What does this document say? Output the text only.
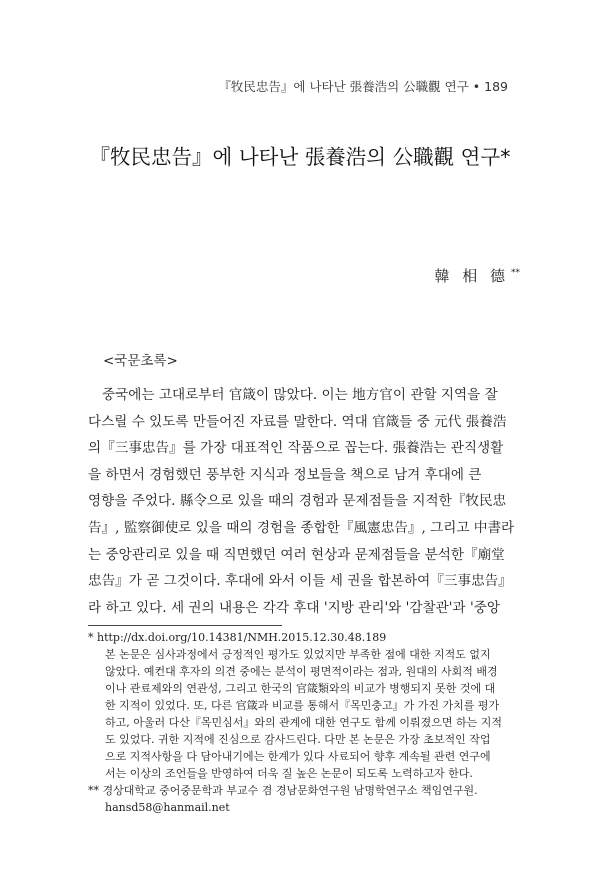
『牧民忠告』에 나타난 張養浩의 公職觀 연구 • 189
『牧民忠告』에 나타난 張養浩의 公職觀 연구*
韓 相 德 **
<국문초록>
중국에는 고대로부터 官箴이 많았다. 이는 地方官이 관할 지역을 잘
다스릴 수 있도록 만들어진 자료를 말한다. 역대 官箴들 중 元代 張養浩
의『三事忠告』를 가장 대표적인 작품으로 꼽는다. 張養浩는 관직생활
을 하면서 경험했던 풍부한 지식과 정보들을 책으로 남겨 후대에 큰
영향을 주었다. 縣令으로 있을 때의 경험과 문제점들을 지적한『牧民忠
告』, 監察御使로 있을 때의 경험을 종합한『風憲忠告』, 그리고 中書라
는 중앙관리로 있을 때 직면했던 여러 현상과 문제점들을 분석한『廟堂
忠告』가 곧 그것이다. 후대에 와서 이들 세 권을 합본하여『三事忠告』
라 하고 있다. 세 권의 내용은 각각 후대 '지방 관리'와 '감찰관'과 '중앙
* http://dx.doi.org/10.14381/NMH.2015.12.30.48.189
본 논문은 심사과정에서 긍정적인 평가도 있었지만 부족한 점에 대한 지적도 없지
않았다. 예컨대 후자의 의견 중에는 분석이 평면적이라는 점과, 원대의 사회적 배경
이나 관료제와의 연관성, 그리고 한국의 官箴類와의 비교가 병행되지 못한 것에 대
한 지적이 있었다. 또, 다른 官箴과 비교를 통해서『목민충고』가 가진 가치를 평가
하고, 아울러 다산『목민심서』와의 관계에 대한 연구도 함께 이뤄졌으면 하는 지적
도 있었다. 귀한 지적에 진심으로 감사드린다. 다만 본 논문은 가장 초보적인 작업
으로 지적사항을 다 담아내기에는 한계가 있다 사료되어 향후 계속될 관련 연구에
서는 이상의 조언들을 반영하여 더욱 질 높은 논문이 되도록 노력하고자 한다.
** 경상대학교 중어중문학과 부교수 겸 경남문화연구원 남명학연구소 책임연구원.
hansd58@hanmail.net
